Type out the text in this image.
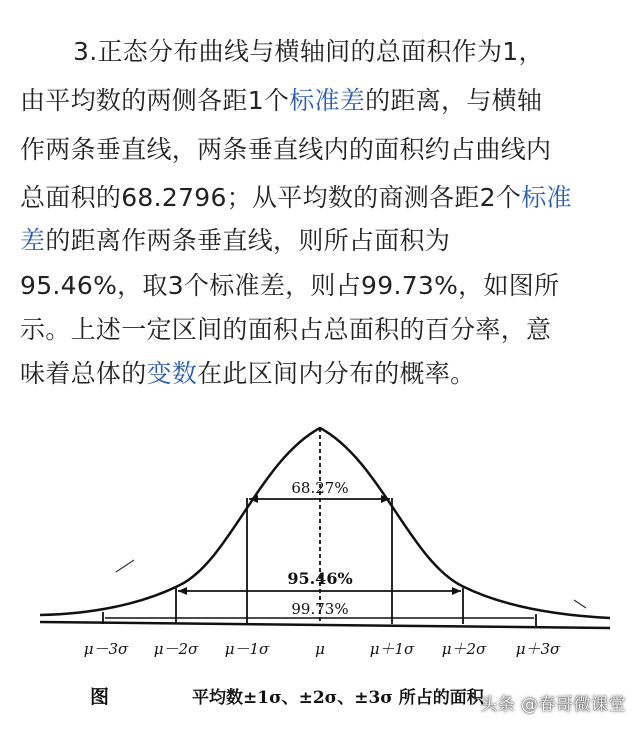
3.正态分布曲线与横轴间的总面积作为1，
由平均数的两侧各距1个标准差的距离，与横轴
作两条垂直线，两条垂直线内的面积约占曲线内
总面积的68.2796；从平均数的商测各距2个标准
差的距离作两条垂直线，则所占面积为
95.46%，取3个标准差，则占99.73%，如图所
示。上述一定区间的面积占总面积的百分率，意
味着总体的变数在此区间内分布的概率。
68.27%
95.46%
99.73%
μ－3σ μ－2σ μ－1σ	μ	μ＋1σ μ＋2σ μ＋3σ
图	平均数±1σ、±2σ、±3σ 所占的面积
头条 @春哥微课堂
